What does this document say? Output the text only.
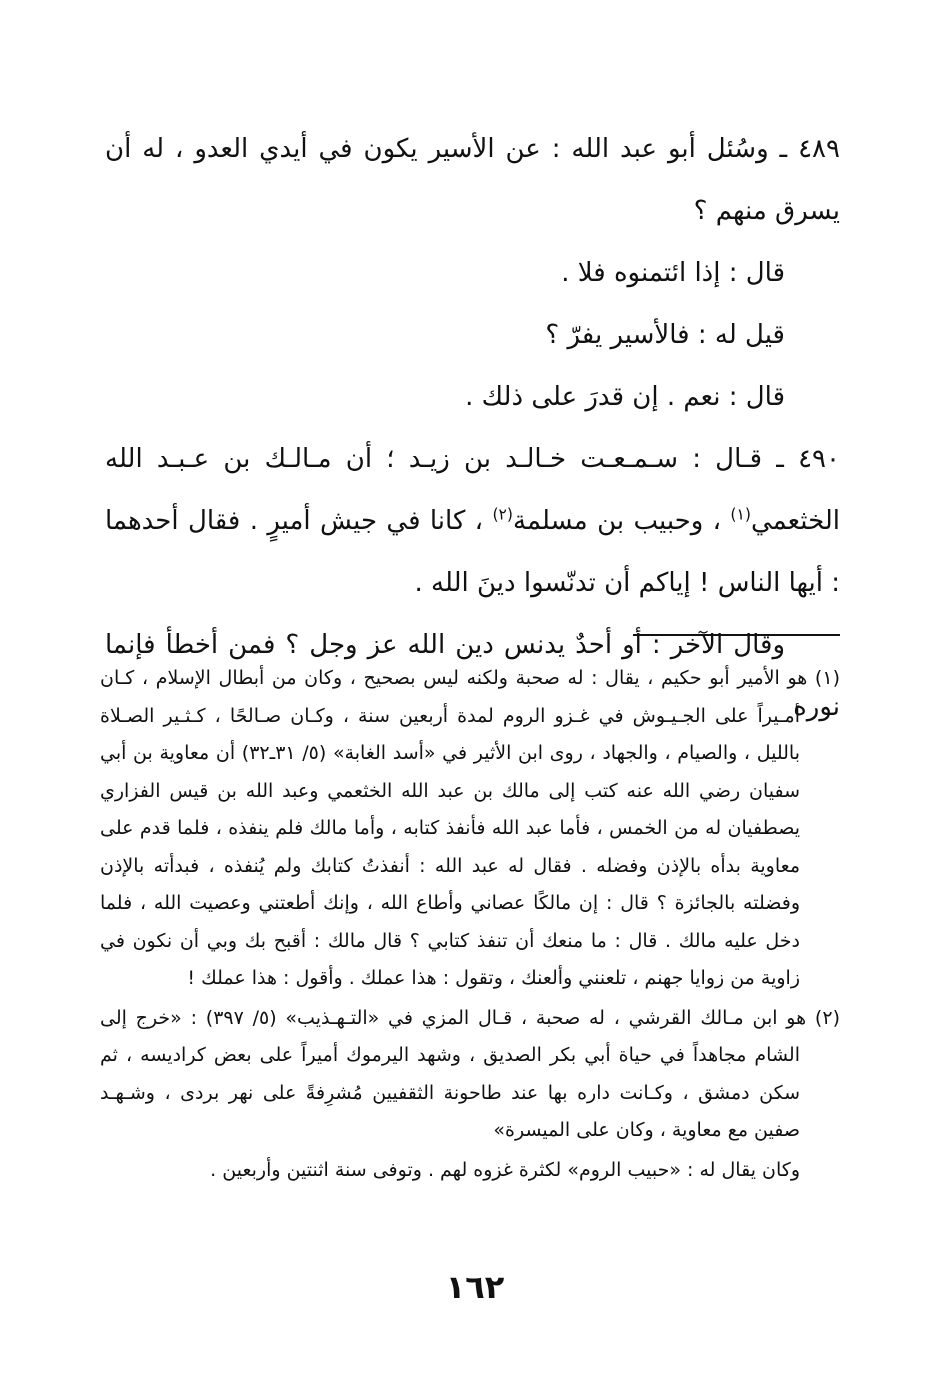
٤٨٩ ـ وسُئل أبو عبد الله : عن الأسير يكون في أيدي العدو ، له أن يسرق منهم ؟

قال : إذا ائتمنوه فلا .

قيل له : فالأسير يفرّ ؟

قال : نعم . إن قدرَ على ذلك .

٤٩٠ ـ قـال : سـمـعـت خـالـد بن زيـد ؛ أن مـالـك بن عـبـد الله الخثعمي$^{(١)}$ ، وحبيب بن مسلمة$^{(٢)}$ ، كانا في جيش أميرٍ . فقال أحدهما : أيها الناس ! إياكم أن تدنّسوا دينَ الله .

وقال الآخر : أو أحدٌ يدنس دين الله عز وجل ؟ فمن أخطأ فإنما نوره

(١) هو الأمير أبو حكيم ، يقال : له صحبة ولكنه ليس بصحيح ، وكان من أبطال الإسلام ، كـان أمـيراً على الجـيـوش في غـزو الروم لمدة أربعين سنة ، وكـان صـالحًا ، كـثـير الصـلاة بالليل ، والصيام ، والجهاد ، روى ابن الأثير في «أسد الغابة» (٥/ ٣١ـ٣٢) أن معاوية بن أبي سفيان رضي الله عنه كتب إلى مالك بن عبد الله الخثعمي وعبد الله بن قيس الفزاري يصطفيان له من الخمس ، فأما عبد الله فأنفذ كتابه ، وأما مالك فلم ينفذه ، فلما قدم على معاوية بدأه بالإذن وفضله . فقال له عبد الله : أنفذتُ كتابك ولم يُنفذه ، فبدأته بالإذن وفضلته بالجائزة ؟ قال : إن مالكًا عصاني وأطاع الله ، وإنك أطعتني وعصيت الله ، فلما دخل عليه مالك . قال : ما منعك أن تنفذ كتابي ؟ قال مالك : أقبح بك وبي أن نكون في زاوية من زوايا جهنم ، تلعنني وألعنك ، وتقول : هذا عملك . وأقول : هذا عملك !

(٢) هو ابن مـالك القرشي ، له صحبة ، قـال المزي في «التـهـذيب» (٥/ ٣٩٧) : «خرج إلى الشام مجاهداً في حياة أبي بكر الصديق ، وشهد اليرموك أميراً على بعض كراديسه ، ثم سكن دمشق ، وكـانت داره بها عند طاحونة الثقفيين مُشرِفةً على نهر بردى ، وشـهـد صفين مع معاوية ، وكان على الميسرة»

وكان يقال له : «حبيب الروم» لكثرة غزوه لهم . وتوفى سنة اثنتين وأربعين .

١٦٢
